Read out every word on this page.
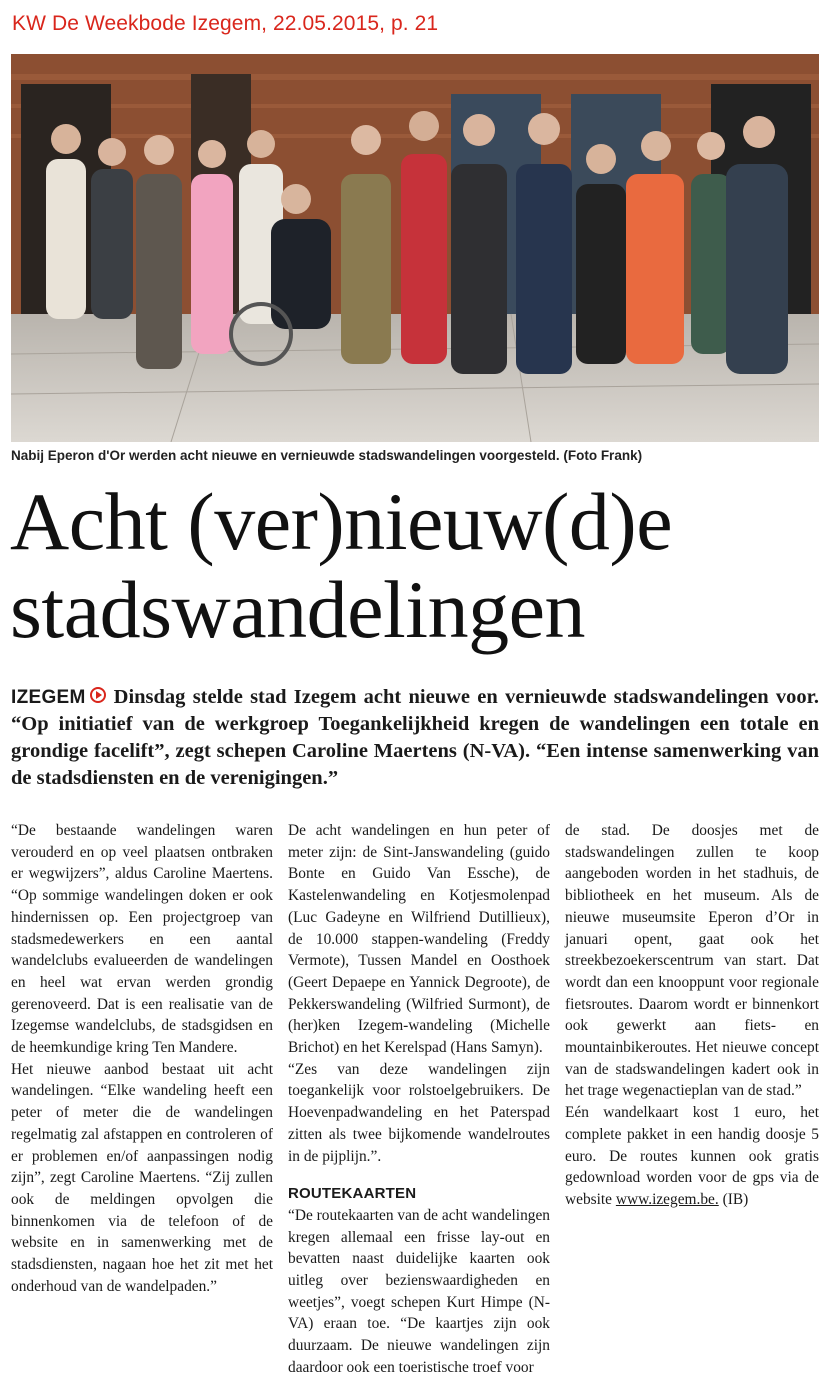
KW De Weekbode Izegem, 22.05.2015, p. 21
Nabij Eperon d'Or werden acht nieuwe en vernieuwde stadswandelingen voorgesteld. (Foto Frank)
Acht (ver)nieuw(d)e
stadswandelingen
IZEGEM Dinsdag stelde stad Izegem acht nieuwe en vernieuwde stadswandelingen voor. “Op initiatief van de werkgroep Toegankelijkheid kregen de wandelingen een totale en grondige facelift”, zegt schepen Caroline Maertens (N-VA). “Een intense samenwerking van de stadsdiensten en de verenigingen.”

“De bestaande wandelingen waren verouderd en op veel plaatsen ontbraken er wegwijzers”, aldus Caroline Maertens. “Op sommige wandelingen doken er ook hindernissen op. Een projectgroep van stadsmedewerkers en een aantal wandelclubs evalueerden de wandelingen en heel wat ervan werden grondig gerenoveerd. Dat is een realisatie van de Izegemse wandelclubs, de stadsgidsen en de heemkundige kring Ten Mandere.

Het nieuwe aanbod bestaat uit acht wandelingen. “Elke wandeling heeft een peter of meter die de wandelingen regelmatig zal afstappen en controleren of er problemen en/of aanpassingen nodig zijn”, zegt Caroline Maertens. “Zij zullen ook de meldingen opvolgen die binnenkomen via de telefoon of de website en in samenwerking met de stadsdiensten, nagaan hoe het zit met het onderhoud van de wandelpaden.”

De acht wandelingen en hun peter of meter zijn: de Sint-Janswandeling (guido Bonte en Guido Van Essche), de Kastelenwandeling en Kotjesmolenpad (Luc Gadeyne en Wilfriend Dutillieux), de 10.000 stappen-wandeling (Freddy Vermote), Tussen Mandel en Oosthoek (Geert Depaepe en Yannick Degroote), de Pekkerswandeling (Wilfried Surmont), de (her)ken Izegem-wandeling (Michelle Brichot) en het Kerelspad (Hans Samyn).

“Zes van deze wandelingen zijn toegankelijk voor rolstoelgebruikers. De Hoevenpadwandeling en het Paterspad zitten als twee bijkomende wandelroutes in de pijplijn.”.

ROUTEKAARTEN

“De routekaarten van de acht wandelingen kregen allemaal een frisse lay-out en bevatten naast duidelijke kaarten ook uitleg over bezienswaardigheden en weetjes”, voegt schepen Kurt Himpe (N-VA) eraan toe. “De kaartjes zijn ook duurzaam. De nieuwe wandelingen zijn daardoor ook een toeristische troef voor

de stad. De doosjes met de stadswandelingen zullen te koop aangeboden worden in het stadhuis, de bibliotheek en het museum. Als de nieuwe museumsite Eperon d’Or in januari opent, gaat ook het streekbezoekerscentrum van start. Dat wordt dan een knooppunt voor regionale fietsroutes. Daarom wordt er binnenkort ook gewerkt aan fiets- en mountainbikeroutes. Het nieuwe concept van de stadswandelingen kadert ook in het trage wegenactieplan van de stad.”

Eén wandelkaart kost 1 euro, het complete pakket in een handig doosje 5 euro. De routes kunnen ook gratis gedownload worden voor de gps via de website www.izegem.be. (IB)
